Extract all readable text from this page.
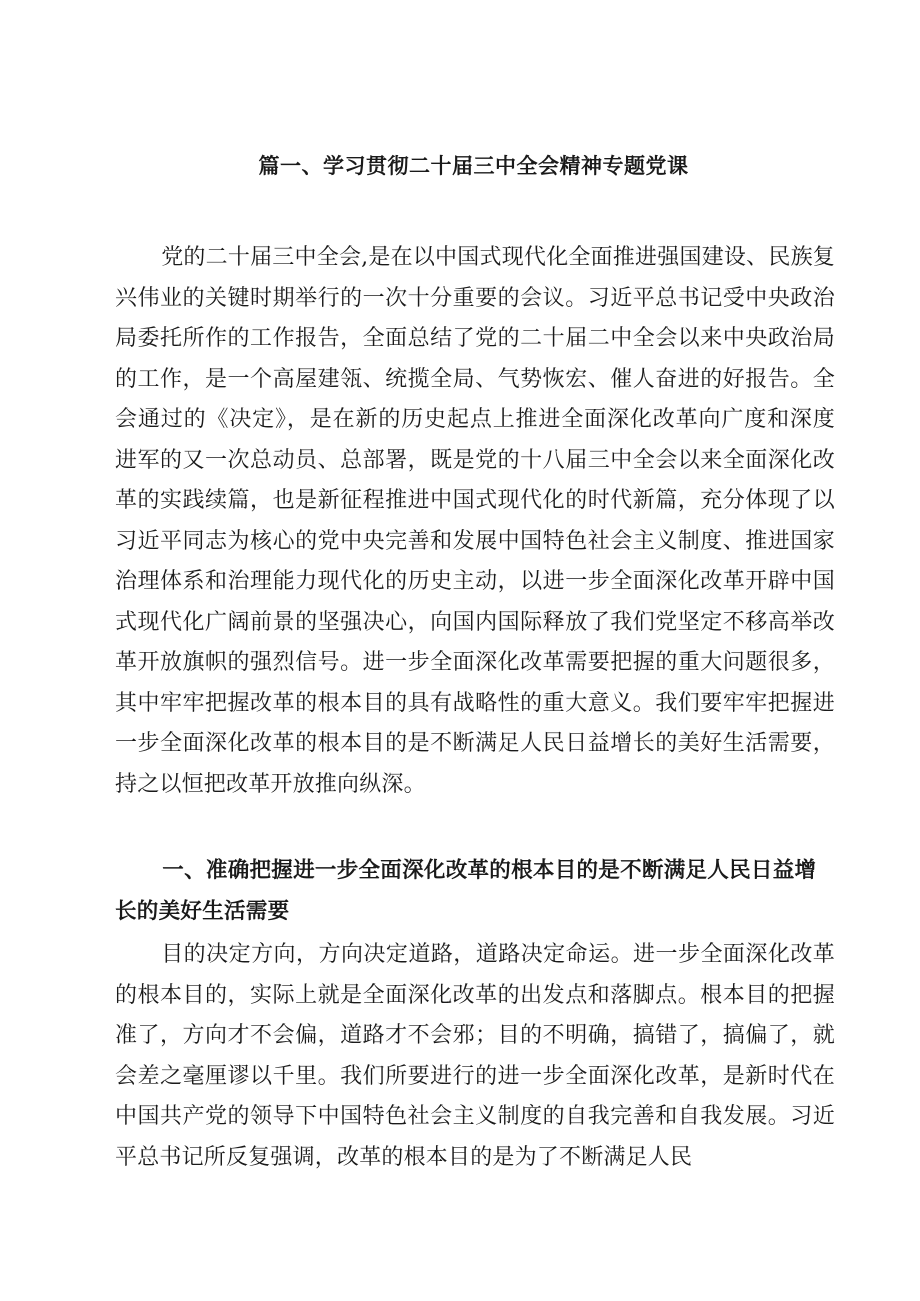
篇一、学习贯彻二十届三中全会精神专题党课

党的二十届三中全会,是在以中国式现代化全面推进强国建设、民族复兴伟业的关键时期举行的一次十分重要的会议。习近平总书记受中央政治局委托所作的工作报告，全面总结了党的二十届二中全会以来中央政治局的工作，是一个高屋建瓴、统揽全局、气势恢宏、催人奋进的好报告。全会通过的《决定》，是在新的历史起点上推进全面深化改革向广度和深度进军的又一次总动员、总部署，既是党的十八届三中全会以来全面深化改革的实践续篇，也是新征程推进中国式现代化的时代新篇，充分体现了以习近平同志为核心的党中央完善和发展中国特色社会主义制度、推进国家治理体系和治理能力现代化的历史主动，以进一步全面深化改革开辟中国式现代化广阔前景的坚强决心，向国内国际释放了我们党坚定不移高举改革开放旗帜的强烈信号。进一步全面深化改革需要把握的重大问题很多，其中牢牢把握改革的根本目的具有战略性的重大意义。我们要牢牢把握进一步全面深化改革的根本目的是不断满足人民日益增长的美好生活需要，持之以恒把改革开放推向纵深。

一、准确把握进一步全面深化改革的根本目的是不断满足人民日益增长的美好生活需要

目的决定方向，方向决定道路，道路决定命运。进一步全面深化改革的根本目的，实际上就是全面深化改革的出发点和落脚点。根本目的把握准了，方向才不会偏，道路才不会邪；目的不明确，搞错了，搞偏了，就会差之毫厘谬以千里。我们所要进行的进一步全面深化改革，是新时代在中国共产党的领导下中国特色社会主义制度的自我完善和自我发展。习近平总书记所反复强调，改革的根本目的是为了不断满足人民
